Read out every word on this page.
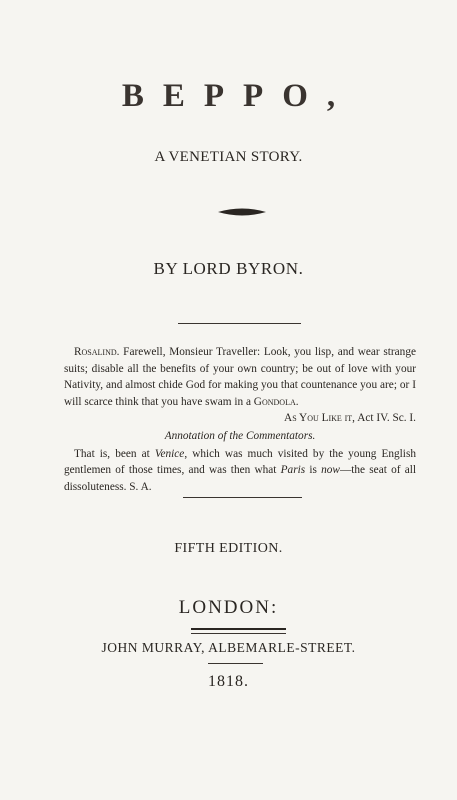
BEPPO,
A VENETIAN STORY.
BY LORD BYRON.

Rosalind. Farewell, Monsieur Traveller: Look, you lisp, and wear strange suits; disable all the benefits of your own country; be out of love with your Nativity, and almost chide God for making you that countenance you are; or I will scarce think that you have swam in a Gondola.

As You Like it, Act IV. Sc. I.

Annotation of the Commentators.

That is, been at Venice, which was much visited by the young English gentlemen of those times, and was then what Paris is now—the seat of all dissoluteness. S. A.

FIFTH EDITION.
LONDON:
JOHN MURRAY, ALBEMARLE-STREET.
1818.
